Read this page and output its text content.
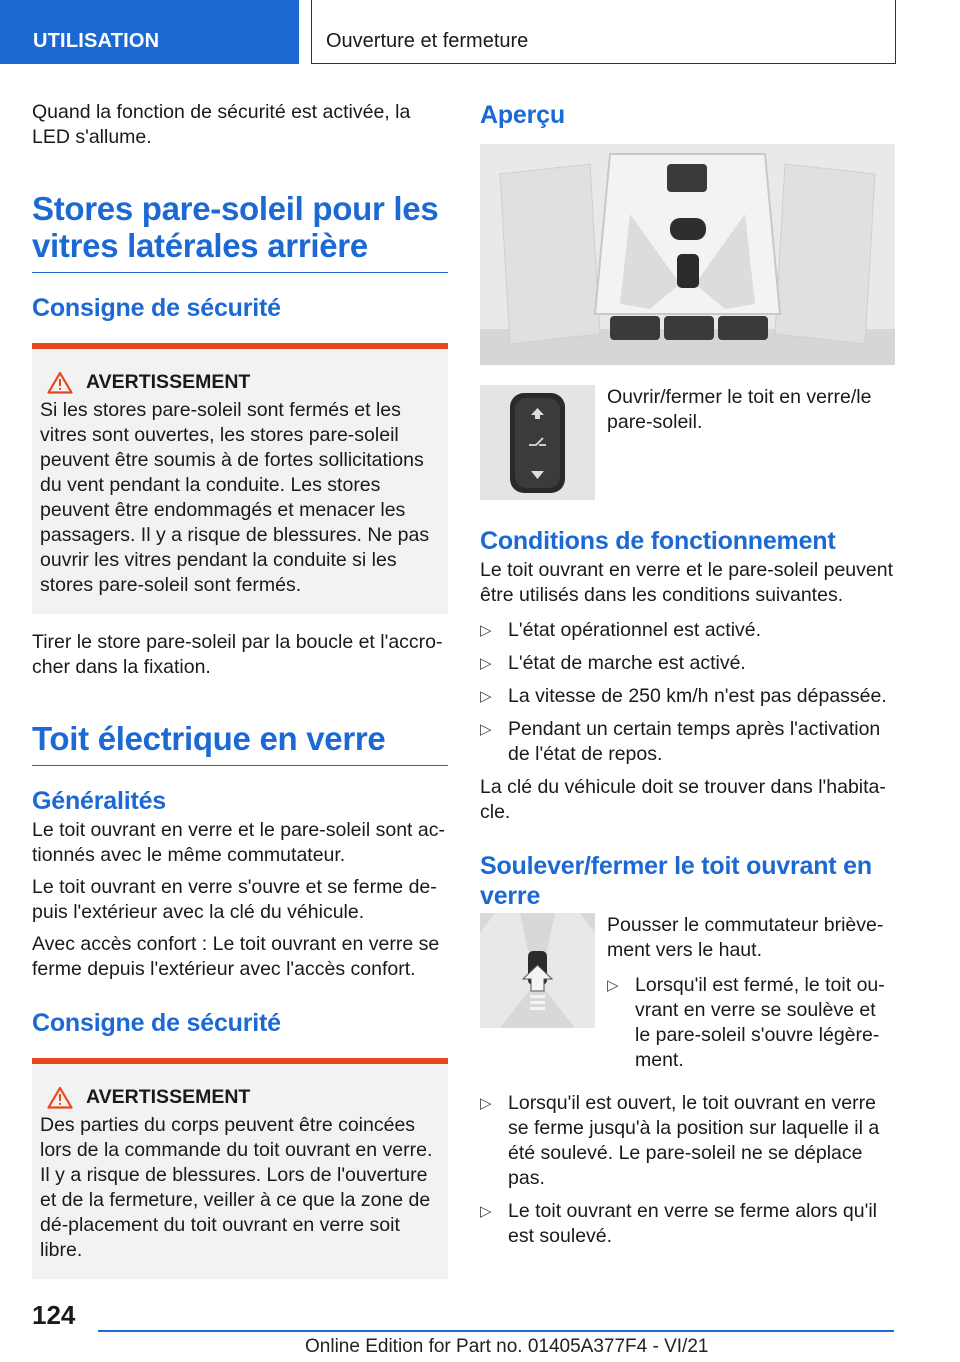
UTILISATION	Ouverture et fermeture

Quand la fonction de sécurité est activée, la LED s'allume.

Stores pare-soleil pour les vitres latérales arrière
Consigne de sécurité
AVERTISSEMENT

Si les stores pare-soleil sont fermés et les vitres sont ouvertes, les stores pare-soleil peuvent être soumis à de fortes sollicitations du vent pendant la conduite. Les stores peuvent être endommagés et menacer les passagers. Il y a risque de blessures. Ne pas ouvrir les vitres pendant la conduite si les stores pare-soleil sont fermés.

Tirer le store pare-soleil par la boucle et l'accro-cher dans la fixation.

Toit électrique en verre
Généralités

Le toit ouvrant en verre et le pare-soleil sont ac-tionnés avec le même commutateur.

Le toit ouvrant en verre s'ouvre et se ferme de-puis l'extérieur avec la clé du véhicule.

Avec accès confort : Le toit ouvrant en verre se ferme depuis l'extérieur avec l'accès confort.

Consigne de sécurité
AVERTISSEMENT

Des parties du corps peuvent être coincées lors de la commande du toit ouvrant en verre. Il y a risque de blessures. Lors de l'ouverture et de la fermeture, veiller à ce que la zone de dé-placement du toit ouvrant en verre soit libre.

Aperçu

Ouvrir/fermer le toit en verre/le pare-soleil.

Conditions de fonctionnement

Le toit ouvrant en verre et le pare-soleil peuvent être utilisés dans les conditions suivantes.

▷ L'état opérationnel est activé.
▷ L'état de marche est activé.
▷ La vitesse de 250 km/h n'est pas dépassée.
▷ Pendant un certain temps après l'activation de l'état de repos.

La clé du véhicule doit se trouver dans l'habita-cle.

Soulever/fermer le toit ouvrant en verre

Pousser le commutateur briève-ment vers le haut.

▷ Lorsqu'il est fermé, le toit ou-vrant en verre se soulève et le pare-soleil s'ouvre légère-ment.
▷ Lorsqu'il est ouvert, le toit ouvrant en verre se ferme jusqu'à la position sur laquelle il a été soulevé. Le pare-soleil ne se déplace pas.
▷ Le toit ouvrant en verre se ferme alors qu'il est soulevé.
124
Online Edition for Part no. 01405A377F4 - VI/21
